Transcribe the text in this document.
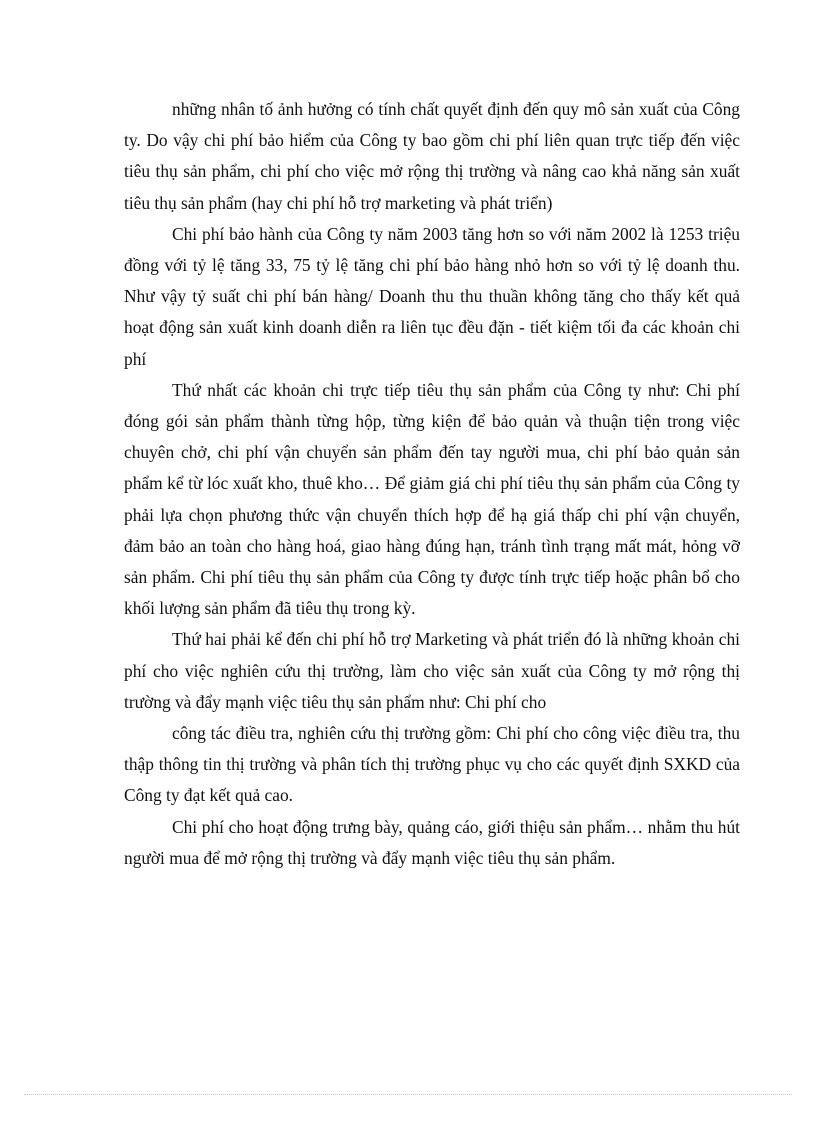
những nhân tố ảnh hưởng có tính chất quyết định đến quy mô sản xuất của Công ty. Do vậy chi phí bảo hiểm của Công ty bao gồm chi phí liên quan trực tiếp đến việc tiêu thụ sản phẩm, chi phí cho việc mở rộng thị trường và nâng cao khả năng sản xuất tiêu thụ sản phẩm (hay chi phí hỗ trợ marketing và phát triển)

Chi phí bảo hành của Công ty năm 2003 tăng hơn so với năm 2002 là 1253 triệu đồng với tỷ lệ tăng 33, 75 tỷ lệ tăng chi phí bảo hàng nhỏ hơn so với tỷ lệ doanh thu. Như vậy tỷ suất chi phí bán hàng/ Doanh thu thu thuần không tăng cho thấy kết quả hoạt động sản xuất kinh doanh diễn ra liên tục đều đặn - tiết kiệm tối đa các khoản chi phí

Thứ nhất các khoản chi trực tiếp tiêu thụ sản phẩm của Công ty như: Chi phí đóng gói sản phẩm thành từng hộp, từng kiện để bảo quản và thuận tiện trong việc chuyên chở, chi phí vận chuyển sản phẩm đến tay người mua, chi phí bảo quản sản phẩm kể từ lóc xuất kho, thuê kho… Để giảm giá chi phí tiêu thụ sản phẩm của Công ty phải lựa chọn phương thức vận chuyển thích hợp để hạ giá thấp chi phí vận chuyển, đảm bảo an toàn cho hàng hoá, giao hàng đúng hạn, tránh tình trạng mất mát, hỏng vỡ sản phẩm. Chi phí tiêu thụ sản phẩm của Công ty được tính trực tiếp hoặc phân bổ cho khối lượng sản phẩm đã tiêu thụ trong kỳ.

Thứ hai phải kể đến chi phí hỗ trợ Marketing và phát triển đó là những khoản chi phí cho việc nghiên cứu thị trường, làm cho việc sản xuất của Công ty mở rộng thị trường và đẩy mạnh việc tiêu thụ sản phẩm như: Chi phí cho

công tác điều tra, nghiên cứu thị trường gồm: Chi phí cho công việc điều tra, thu thập thông tin thị trường và phân tích thị trường phục vụ cho các quyết định SXKD của Công ty đạt kết quả cao.

Chi phí cho hoạt động trưng bày, quảng cáo, giới thiệu sản phẩm… nhằm thu hút người mua để mở rộng thị trường và đẩy mạnh việc tiêu thụ sản phẩm.
